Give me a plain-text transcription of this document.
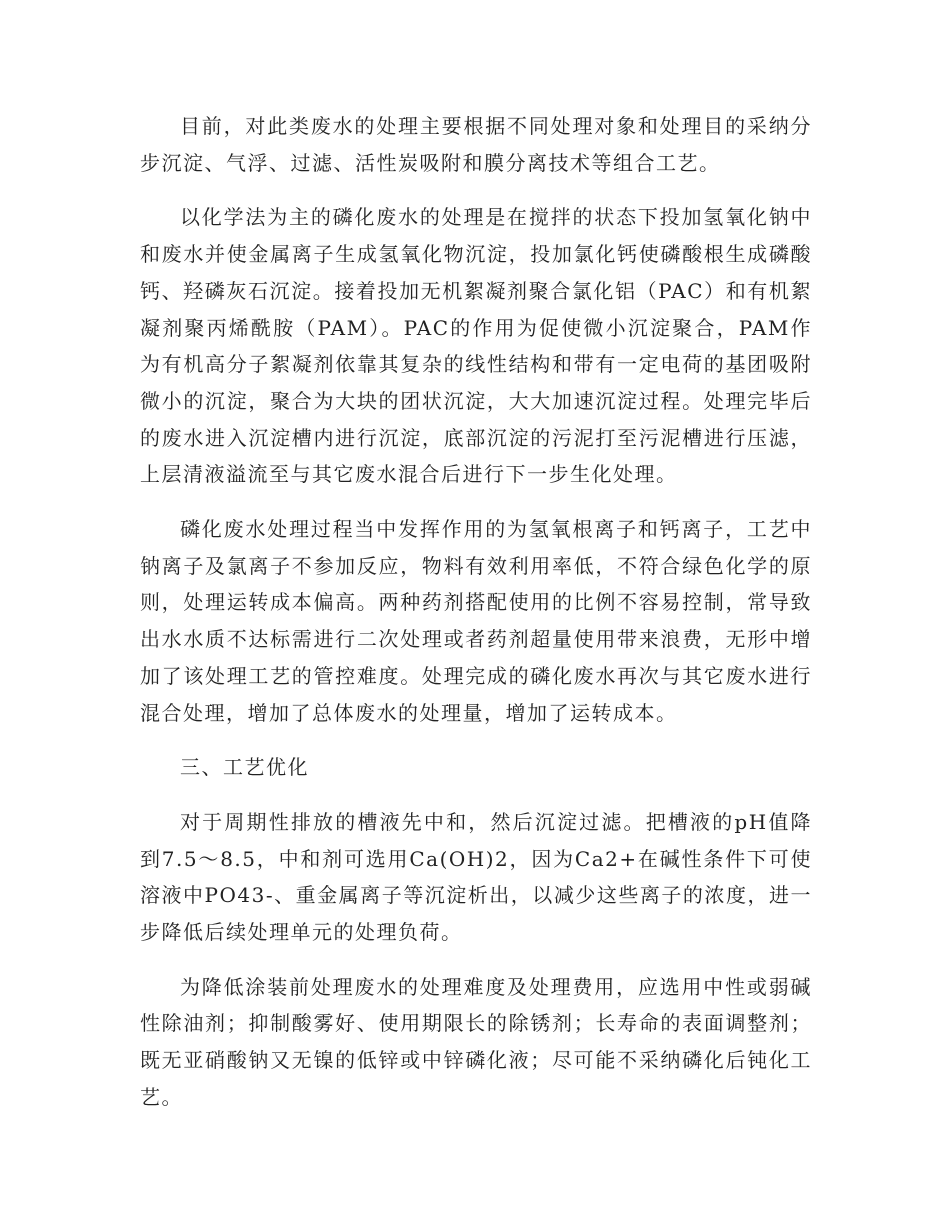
目前，对此类废水的处理主要根据不同处理对象和处理目的采纳分步沉淀、气浮、过滤、活性炭吸附和膜分离技术等组合工艺。

以化学法为主的磷化废水的处理是在搅拌的状态下投加氢氧化钠中和废水并使金属离子生成氢氧化物沉淀，投加氯化钙使磷酸根生成磷酸钙、羟磷灰石沉淀。接着投加无机絮凝剂聚合氯化铝（PAC）和有机絮凝剂聚丙烯酰胺（PAM）。PAC的作用为促使微小沉淀聚合，PAM作为有机高分子絮凝剂依靠其复杂的线性结构和带有一定电荷的基团吸附微小的沉淀，聚合为大块的团状沉淀，大大加速沉淀过程。处理完毕后的废水进入沉淀槽内进行沉淀，底部沉淀的污泥打至污泥槽进行压滤，上层清液溢流至与其它废水混合后进行下一步生化处理。

磷化废水处理过程当中发挥作用的为氢氧根离子和钙离子，工艺中钠离子及氯离子不参加反应，物料有效利用率低，不符合绿色化学的原则，处理运转成本偏高。两种药剂搭配使用的比例不容易控制，常导致出水水质不达标需进行二次处理或者药剂超量使用带来浪费，无形中增加了该处理工艺的管控难度。处理完成的磷化废水再次与其它废水进行混合处理，增加了总体废水的处理量，增加了运转成本。

三、工艺优化

对于周期性排放的槽液先中和，然后沉淀过滤。把槽液的pH值降到7.5～8.5，中和剂可选用Ca(OH)2，因为Ca2+在碱性条件下可使溶液中PO43-、重金属离子等沉淀析出，以减少这些离子的浓度，进一步降低后续处理单元的处理负荷。

为降低涂装前处理废水的处理难度及处理费用，应选用中性或弱碱性除油剂；抑制酸雾好、使用期限长的除锈剂；长寿命的表面调整剂；既无亚硝酸钠又无镍的低锌或中锌磷化液；尽可能不采纳磷化后钝化工艺。
